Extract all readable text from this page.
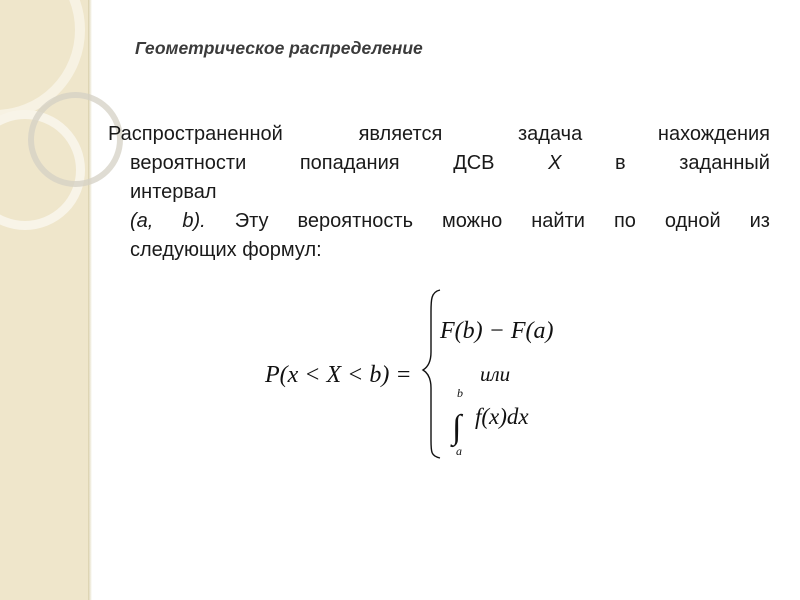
Геометрическое распределение

Распространенной является задача нахождения

вероятности попадания ДСВ X в заданный

интервал

(a, b). Эту вероятность можно найти по одной из

следующих формул:

P(x < X < b) =
F(b) − F(a)
или
∫
b
a
f(x)dx
